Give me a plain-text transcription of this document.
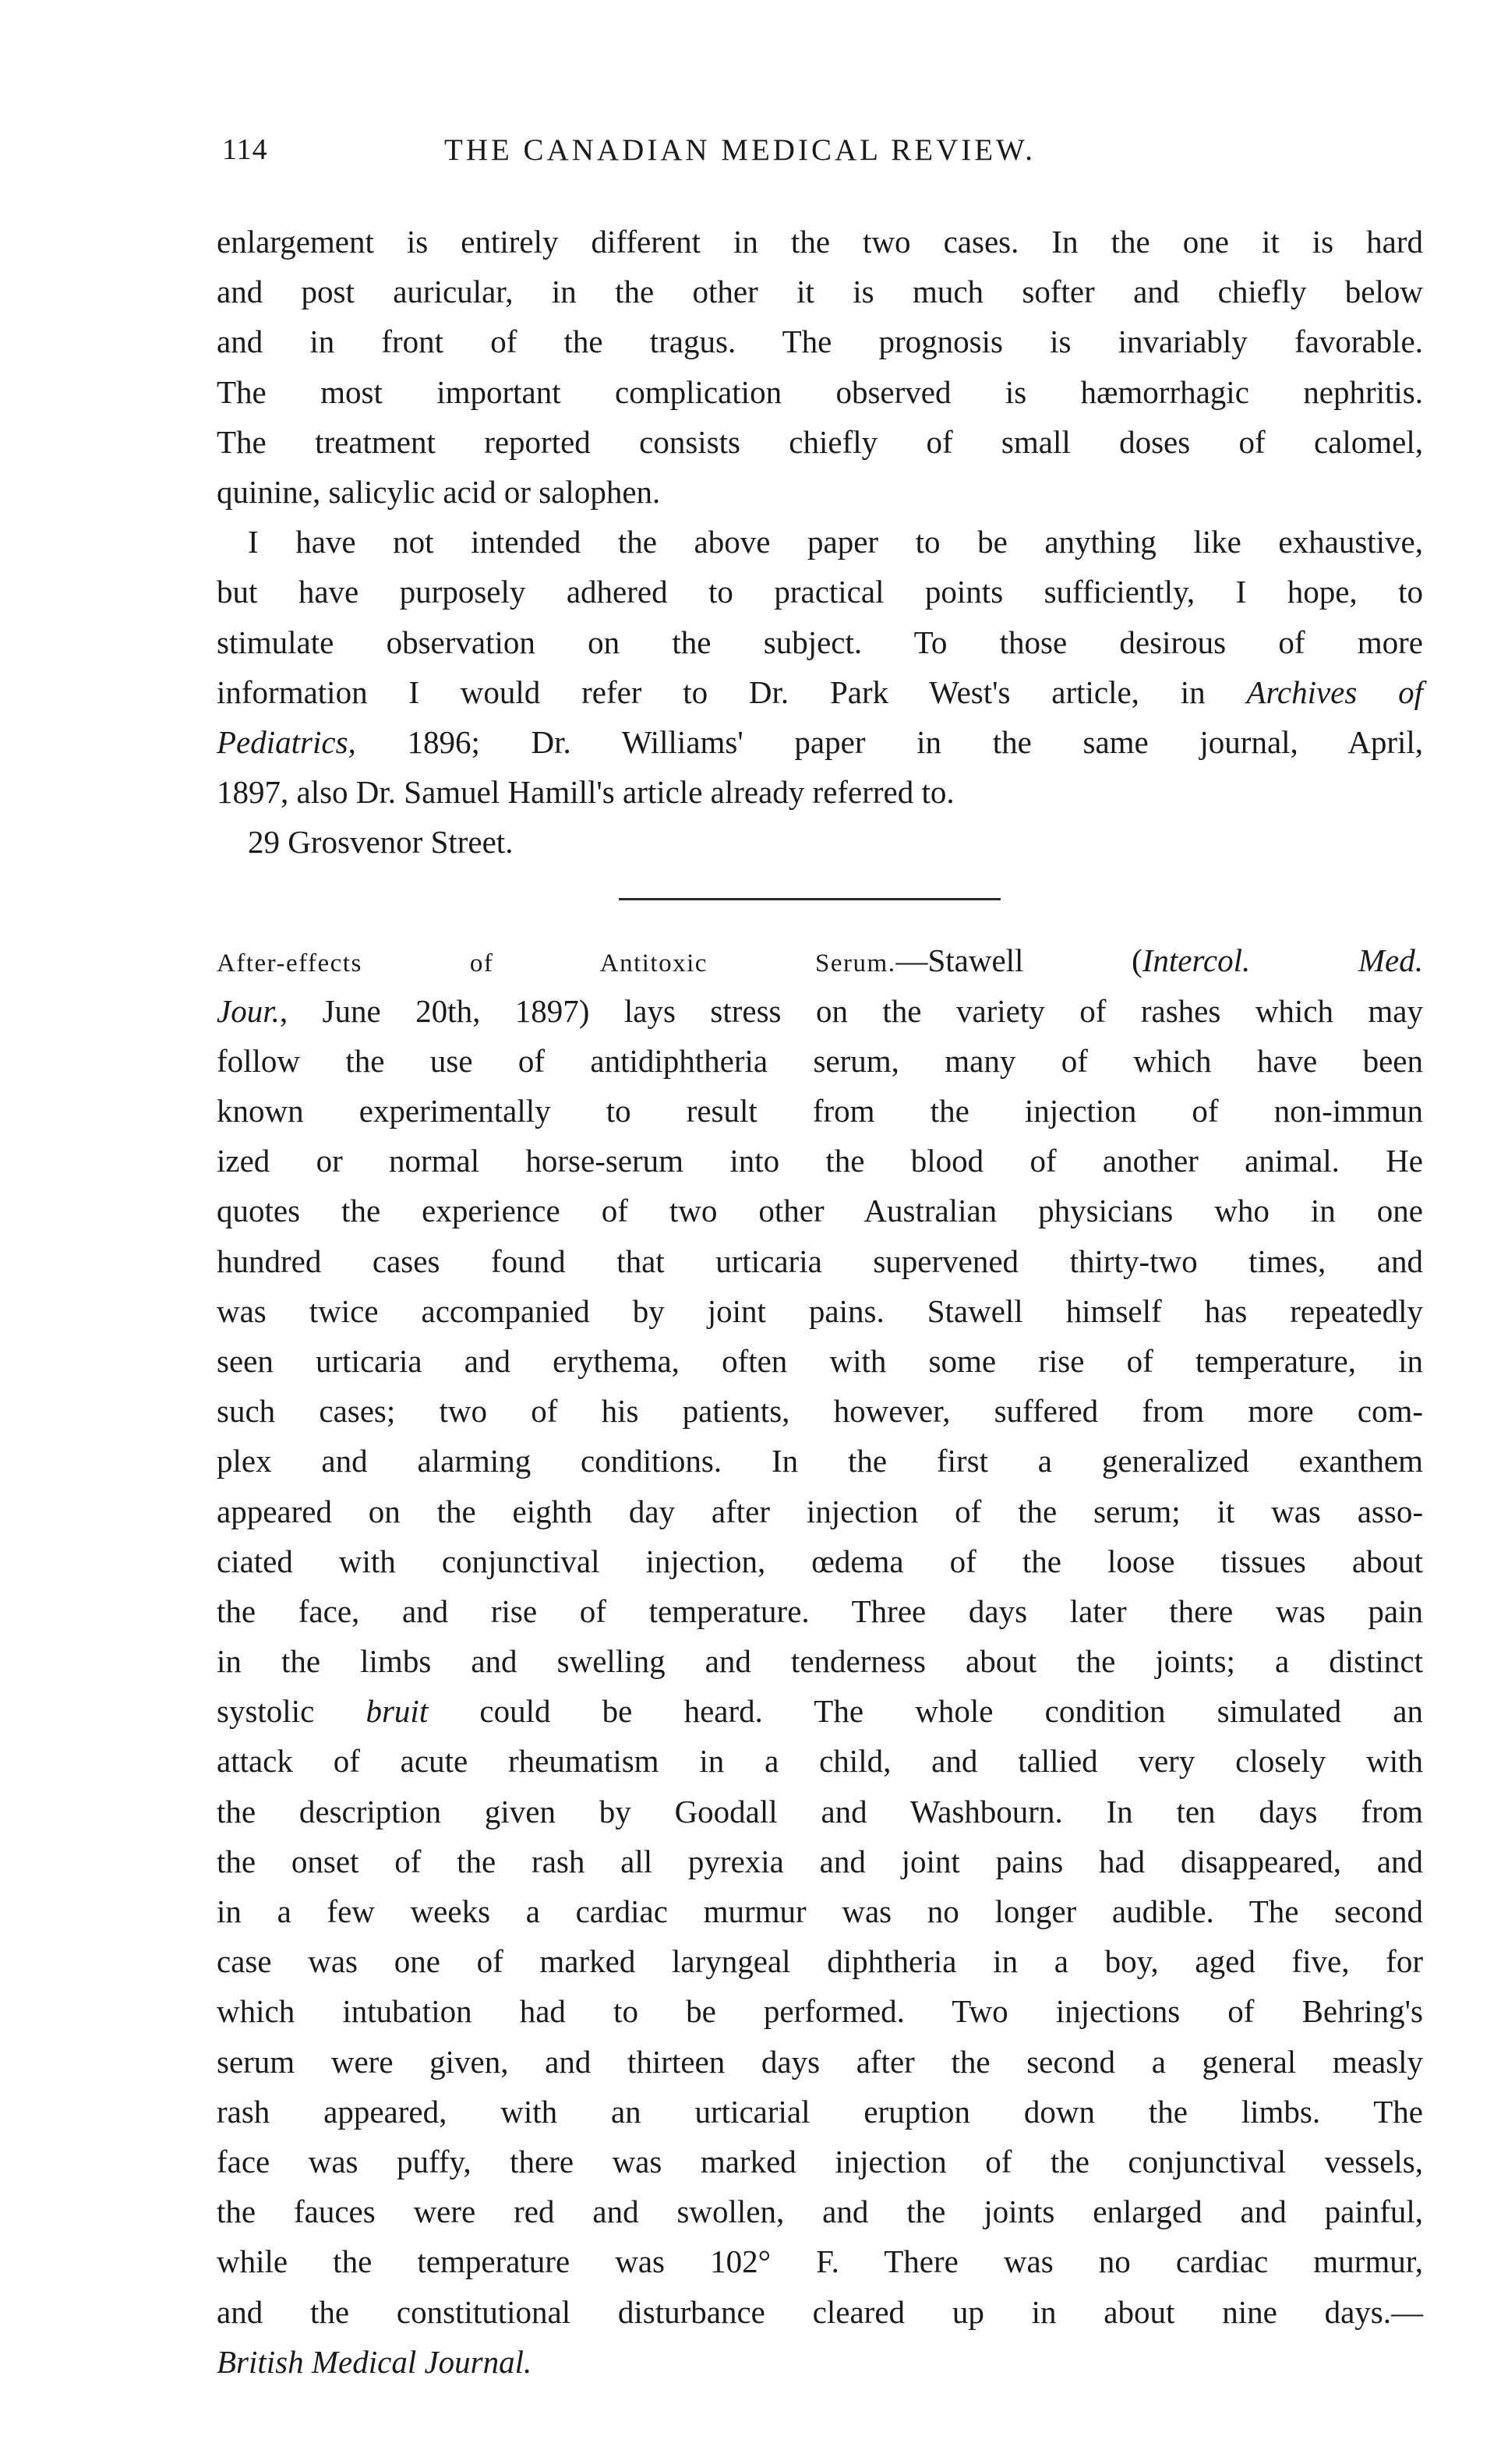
114	THE CANADIAN MEDICAL REVIEW.
enlargement is entirely different in the two cases. In the one it is hard
and post auricular, in the other it is much softer and chiefly below
and in front of the tragus. The prognosis is invariably favorable.
The most important complication observed is hæmorrhagic nephritis.
The treatment reported consists chiefly of small doses of calomel,
quinine, salicylic acid or salophen.
I have not intended the above paper to be anything like exhaustive,
but have purposely adhered to practical points sufficiently, I hope, to
stimulate observation on the subject. To those desirous of more
information I would refer to Dr. Park West's article, in Archives of
Pediatrics, 1896; Dr. Williams' paper in the same journal, April,
1897, also Dr. Samuel Hamill's article already referred to.
29 Grosvenor Street.
After-effects of Antitoxic Serum.—Stawell (Intercol. Med.
Jour., June 20th, 1897) lays stress on the variety of rashes which may
follow the use of antidiphtheria serum, many of which have been
known experimentally to result from the injection of non-immun
ized or normal horse-serum into the blood of another animal. He
quotes the experience of two other Australian physicians who in one
hundred cases found that urticaria supervened thirty-two times, and
was twice accompanied by joint pains. Stawell himself has repeatedly
seen urticaria and erythema, often with some rise of temperature, in
such cases; two of his patients, however, suffered from more com-
plex and alarming conditions. In the first a generalized exanthem
appeared on the eighth day after injection of the serum; it was asso-
ciated with conjunctival injection, œdema of the loose tissues about
the face, and rise of temperature. Three days later there was pain
in the limbs and swelling and tenderness about the joints; a distinct
systolic bruit could be heard. The whole condition simulated an
attack of acute rheumatism in a child, and tallied very closely with
the description given by Goodall and Washbourn. In ten days from
the onset of the rash all pyrexia and joint pains had disappeared, and
in a few weeks a cardiac murmur was no longer audible. The second
case was one of marked laryngeal diphtheria in a boy, aged five, for
which intubation had to be performed. Two injections of Behring's
serum were given, and thirteen days after the second a general measly
rash appeared, with an urticarial eruption down the limbs. The
face was puffy, there was marked injection of the conjunctival vessels,
the fauces were red and swollen, and the joints enlarged and painful,
while the temperature was 102° F. There was no cardiac murmur,
and the constitutional disturbance cleared up in about nine days.—
British Medical Journal.
